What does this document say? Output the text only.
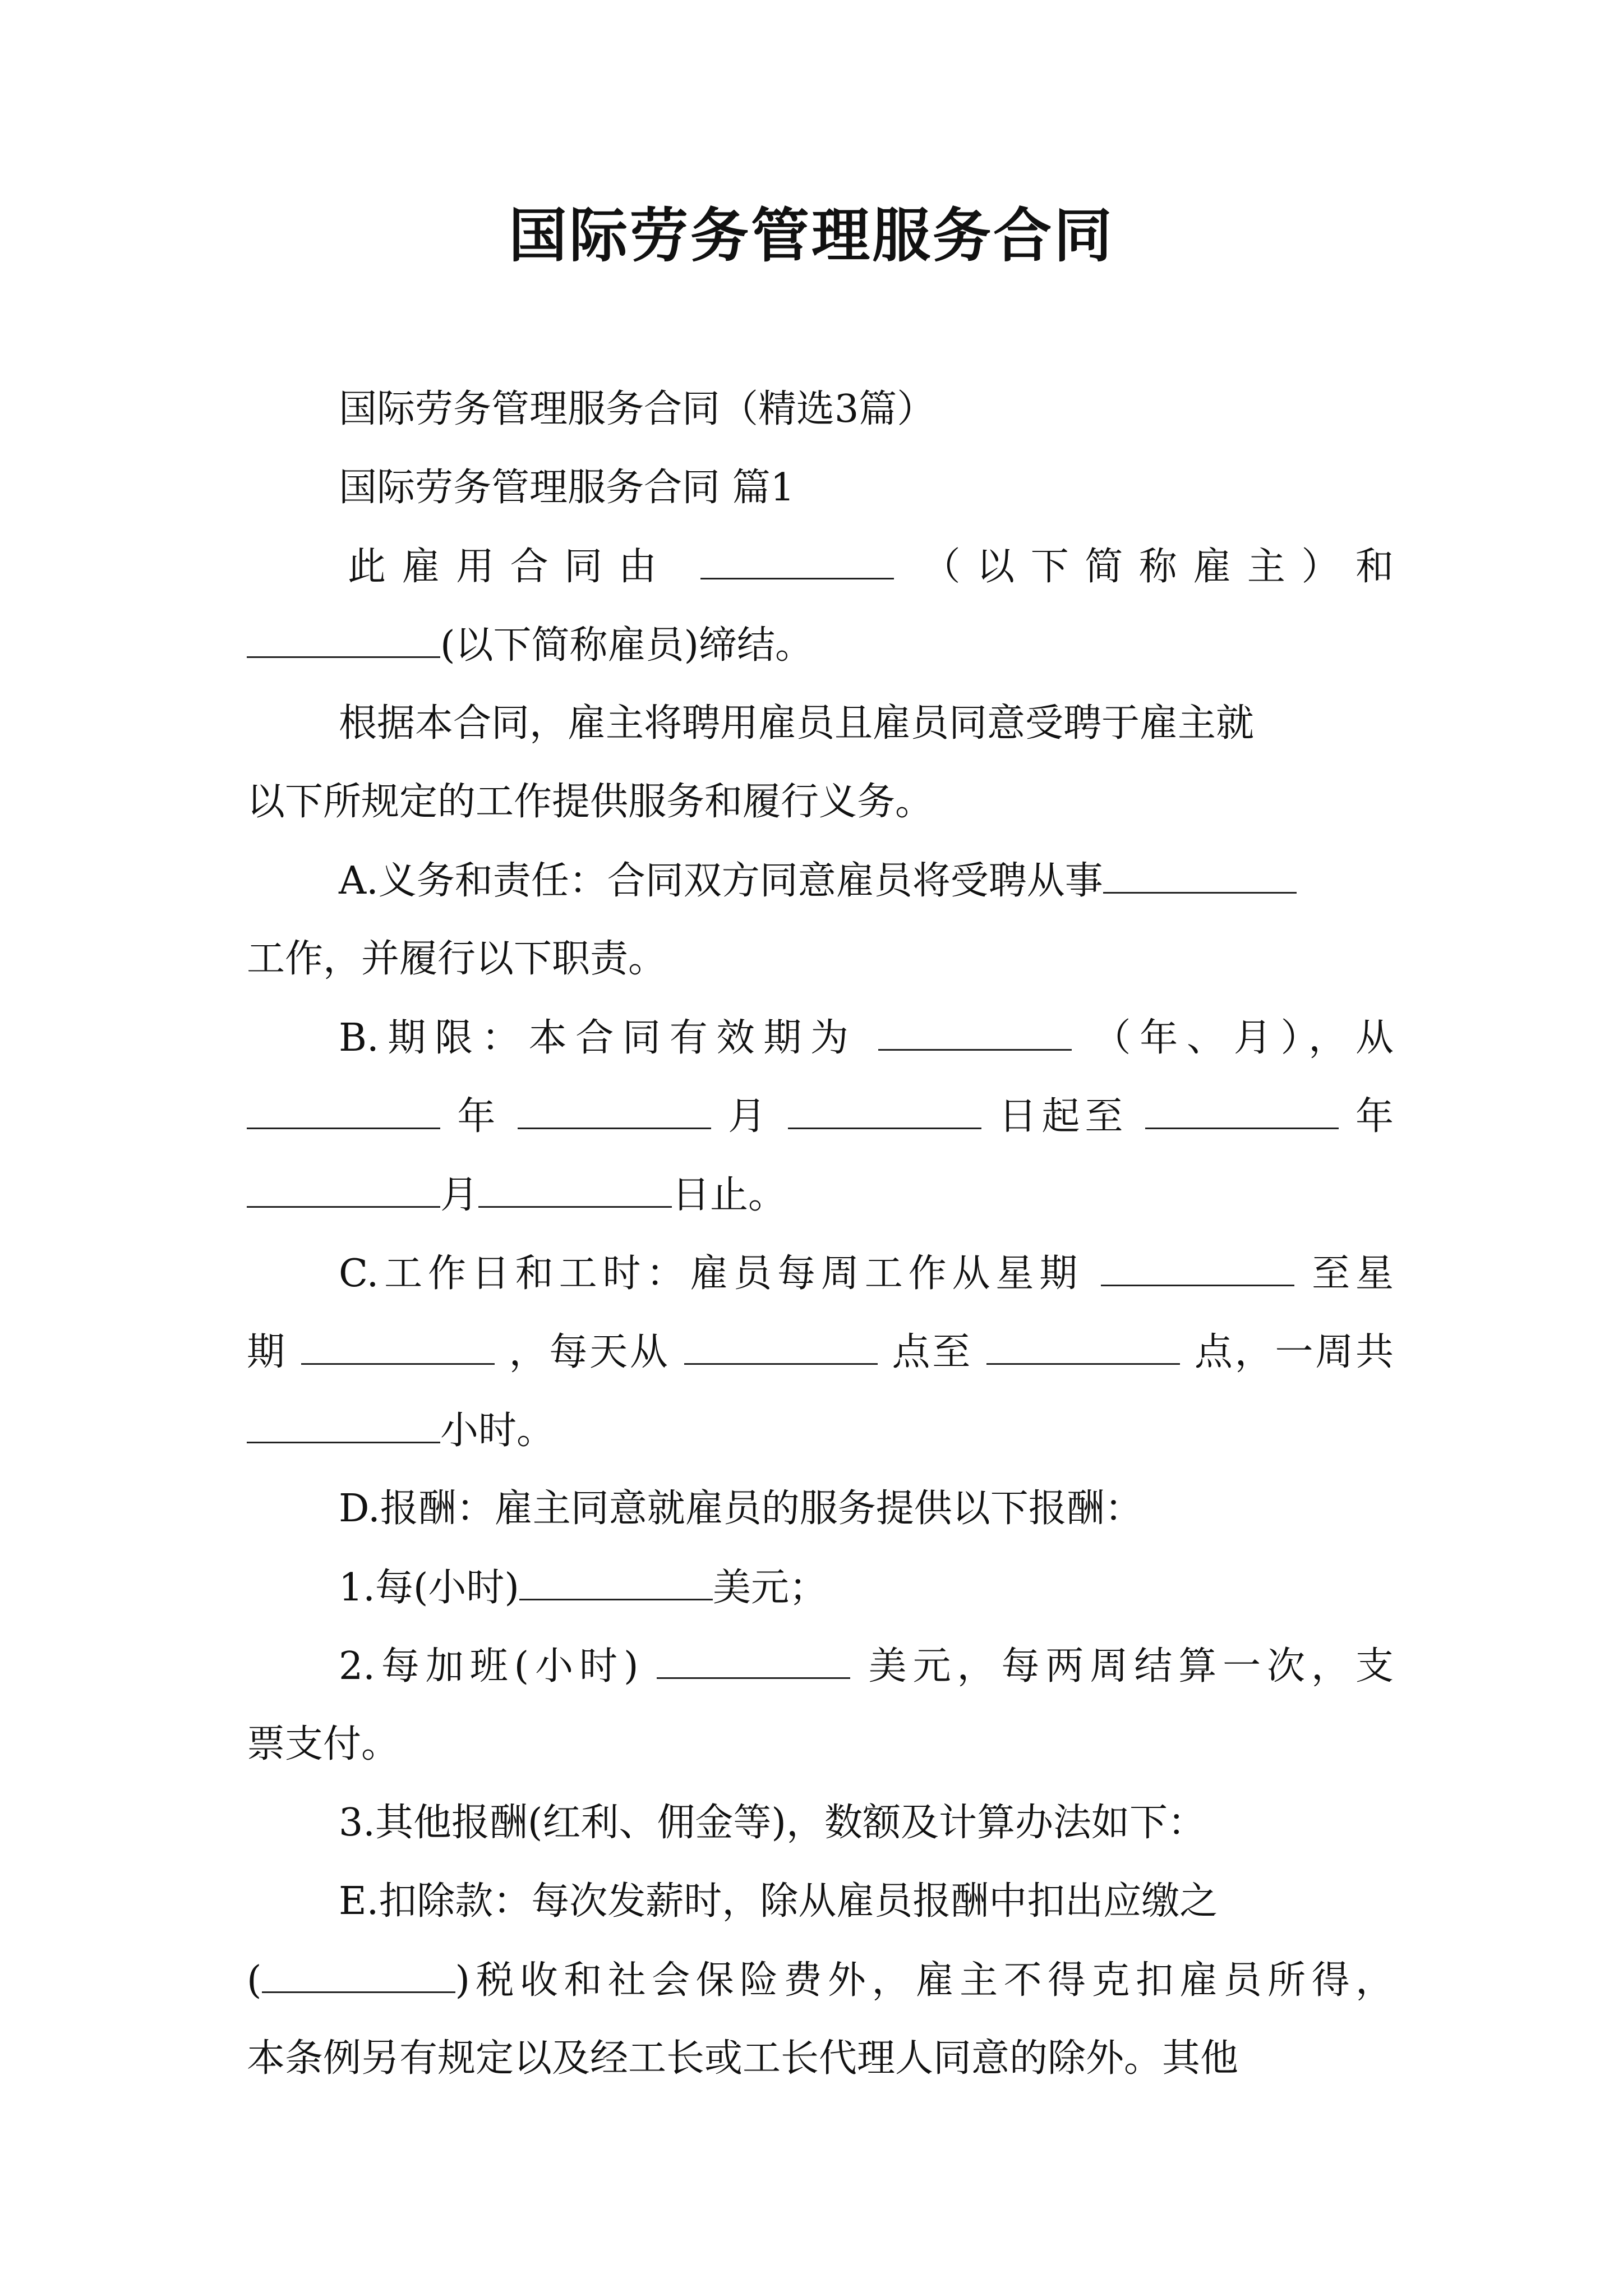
国际劳务管理服务合同
国际劳务管理服务合同（精选3篇）
国际劳务管理服务合同 篇1
此雇用合同由	（以下简称雇主）和
(以下简称雇员)缔结。
根据本合同，雇主将聘用雇员且雇员同意受聘于雇主就
以下所规定的工作提供服务和履行义务。
A.义务和责任：合同双方同意雇员将受聘从事
工作，并履行以下职责。
B.期限：本合同有效期为	（年、月），从
年	月	日起至	年
月	日止。
C.工作日和工时：雇员每周工作从星期	至星
期	，每天从	点至	点，一周共
小时。
D.报酬：雇主同意就雇员的服务提供以下报酬：
1.每(小时)	美元；
2.每加班(小时)	美元，每两周结算一次，支
票支付。
3.其他报酬(红利、佣金等)，数额及计算办法如下：
E.扣除款：每次发薪时，除从雇员报酬中扣出应缴之
(	)税收和社会保险费外，雇主不得克扣雇员所得，
本条例另有规定以及经工长或工长代理人同意的除外。其他
